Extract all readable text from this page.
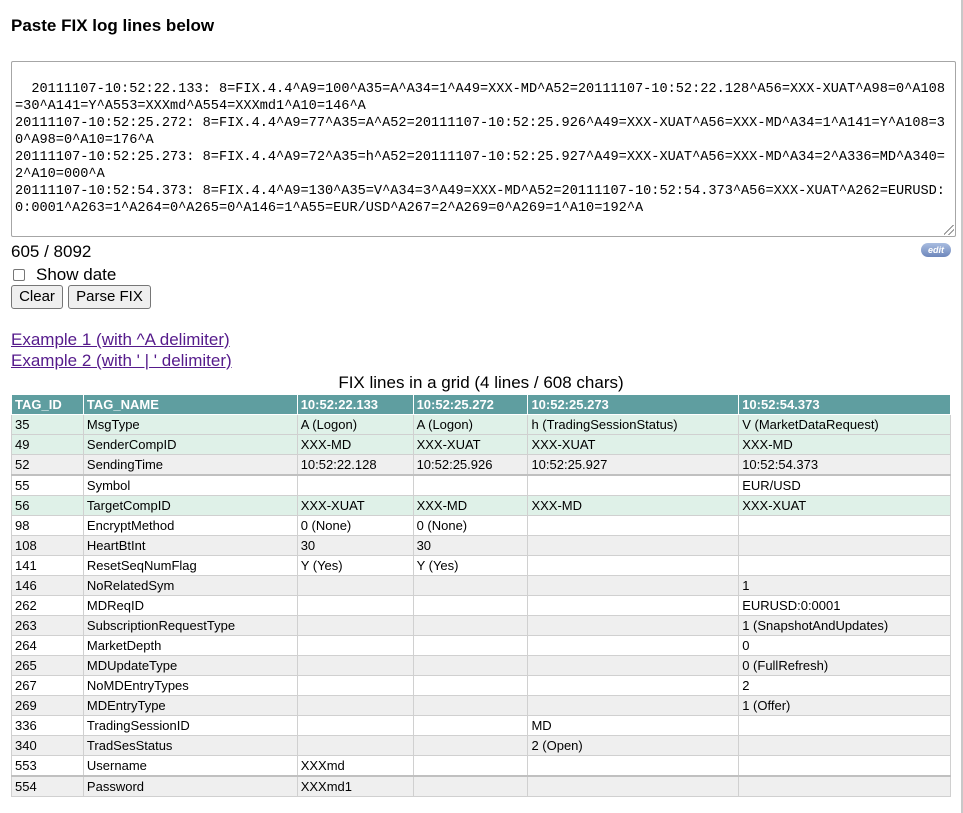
Paste FIX log lines below

20111107-10:52:22.133: 8=FIX.4.4^A9=100^A35=A^A34=1^A49=XXX-MD^A52=20111107-10:52:22.128^A56=XXX-XUAT^A98=0^A108=30^A141=Y^A553=XXXmd^A554=XXXmd1^A10=146^A
20111107-10:52:25.272: 8=FIX.4.4^A9=77^A35=A^A52=20111107-10:52:25.926^A49=XXX-XUAT^A56=XXX-MD^A34=1^A141=Y^A108=30^A98=0^A10=176^A
20111107-10:52:25.273: 8=FIX.4.4^A9=72^A35=h^A52=20111107-10:52:25.927^A49=XXX-XUAT^A56=XXX-MD^A34=2^A336=MD^A340=2^A10=000^A
20111107-10:52:54.373: 8=FIX.4.4^A9=130^A35=V^A34=3^A49=XXX-MD^A52=20111107-10:52:54.373^A56=XXX-XUAT^A262=EURUSD:0:0001^A263=1^A264=0^A265=0^A146=1^A55=EUR/USD^A267=2^A269=0^A269=1^A10=192^A

605 / 8092	edit
Show date
Clear	Parse FIX
Example 1 (with ^A delimiter)
Example 2 (with ' | ' delimiter)
FIX lines in a grid (4 lines / 608 chars)
TAG_ID	TAG_NAME	10:52:22.133	10:52:25.272	10:52:25.273	10:52:54.373
35	MsgType	A (Logon)	A (Logon)	h (TradingSessionStatus)	V (MarketDataRequest)
49	SenderCompID	XXX-MD	XXX-XUAT	XXX-XUAT	XXX-MD
52	SendingTime	10:52:22.128	10:52:25.926	10:52:25.927	10:52:54.373
55	Symbol				EUR/USD
56	TargetCompID	XXX-XUAT	XXX-MD	XXX-MD	XXX-XUAT
98	EncryptMethod	0 (None)	0 (None)		
108	HeartBtInt	30	30		
141	ResetSeqNumFlag	Y (Yes)	Y (Yes)		
146	NoRelatedSym				1
262	MDReqID				EURUSD:0:0001
263	SubscriptionRequestType				1 (SnapshotAndUpdates)
264	MarketDepth				0
265	MDUpdateType				0 (FullRefresh)
267	NoMDEntryTypes				2
269	MDEntryType				1 (Offer)
336	TradingSessionID			MD	
340	TradSesStatus			2 (Open)	
553	Username	XXXmd			
554	Password	XXXmd1			
